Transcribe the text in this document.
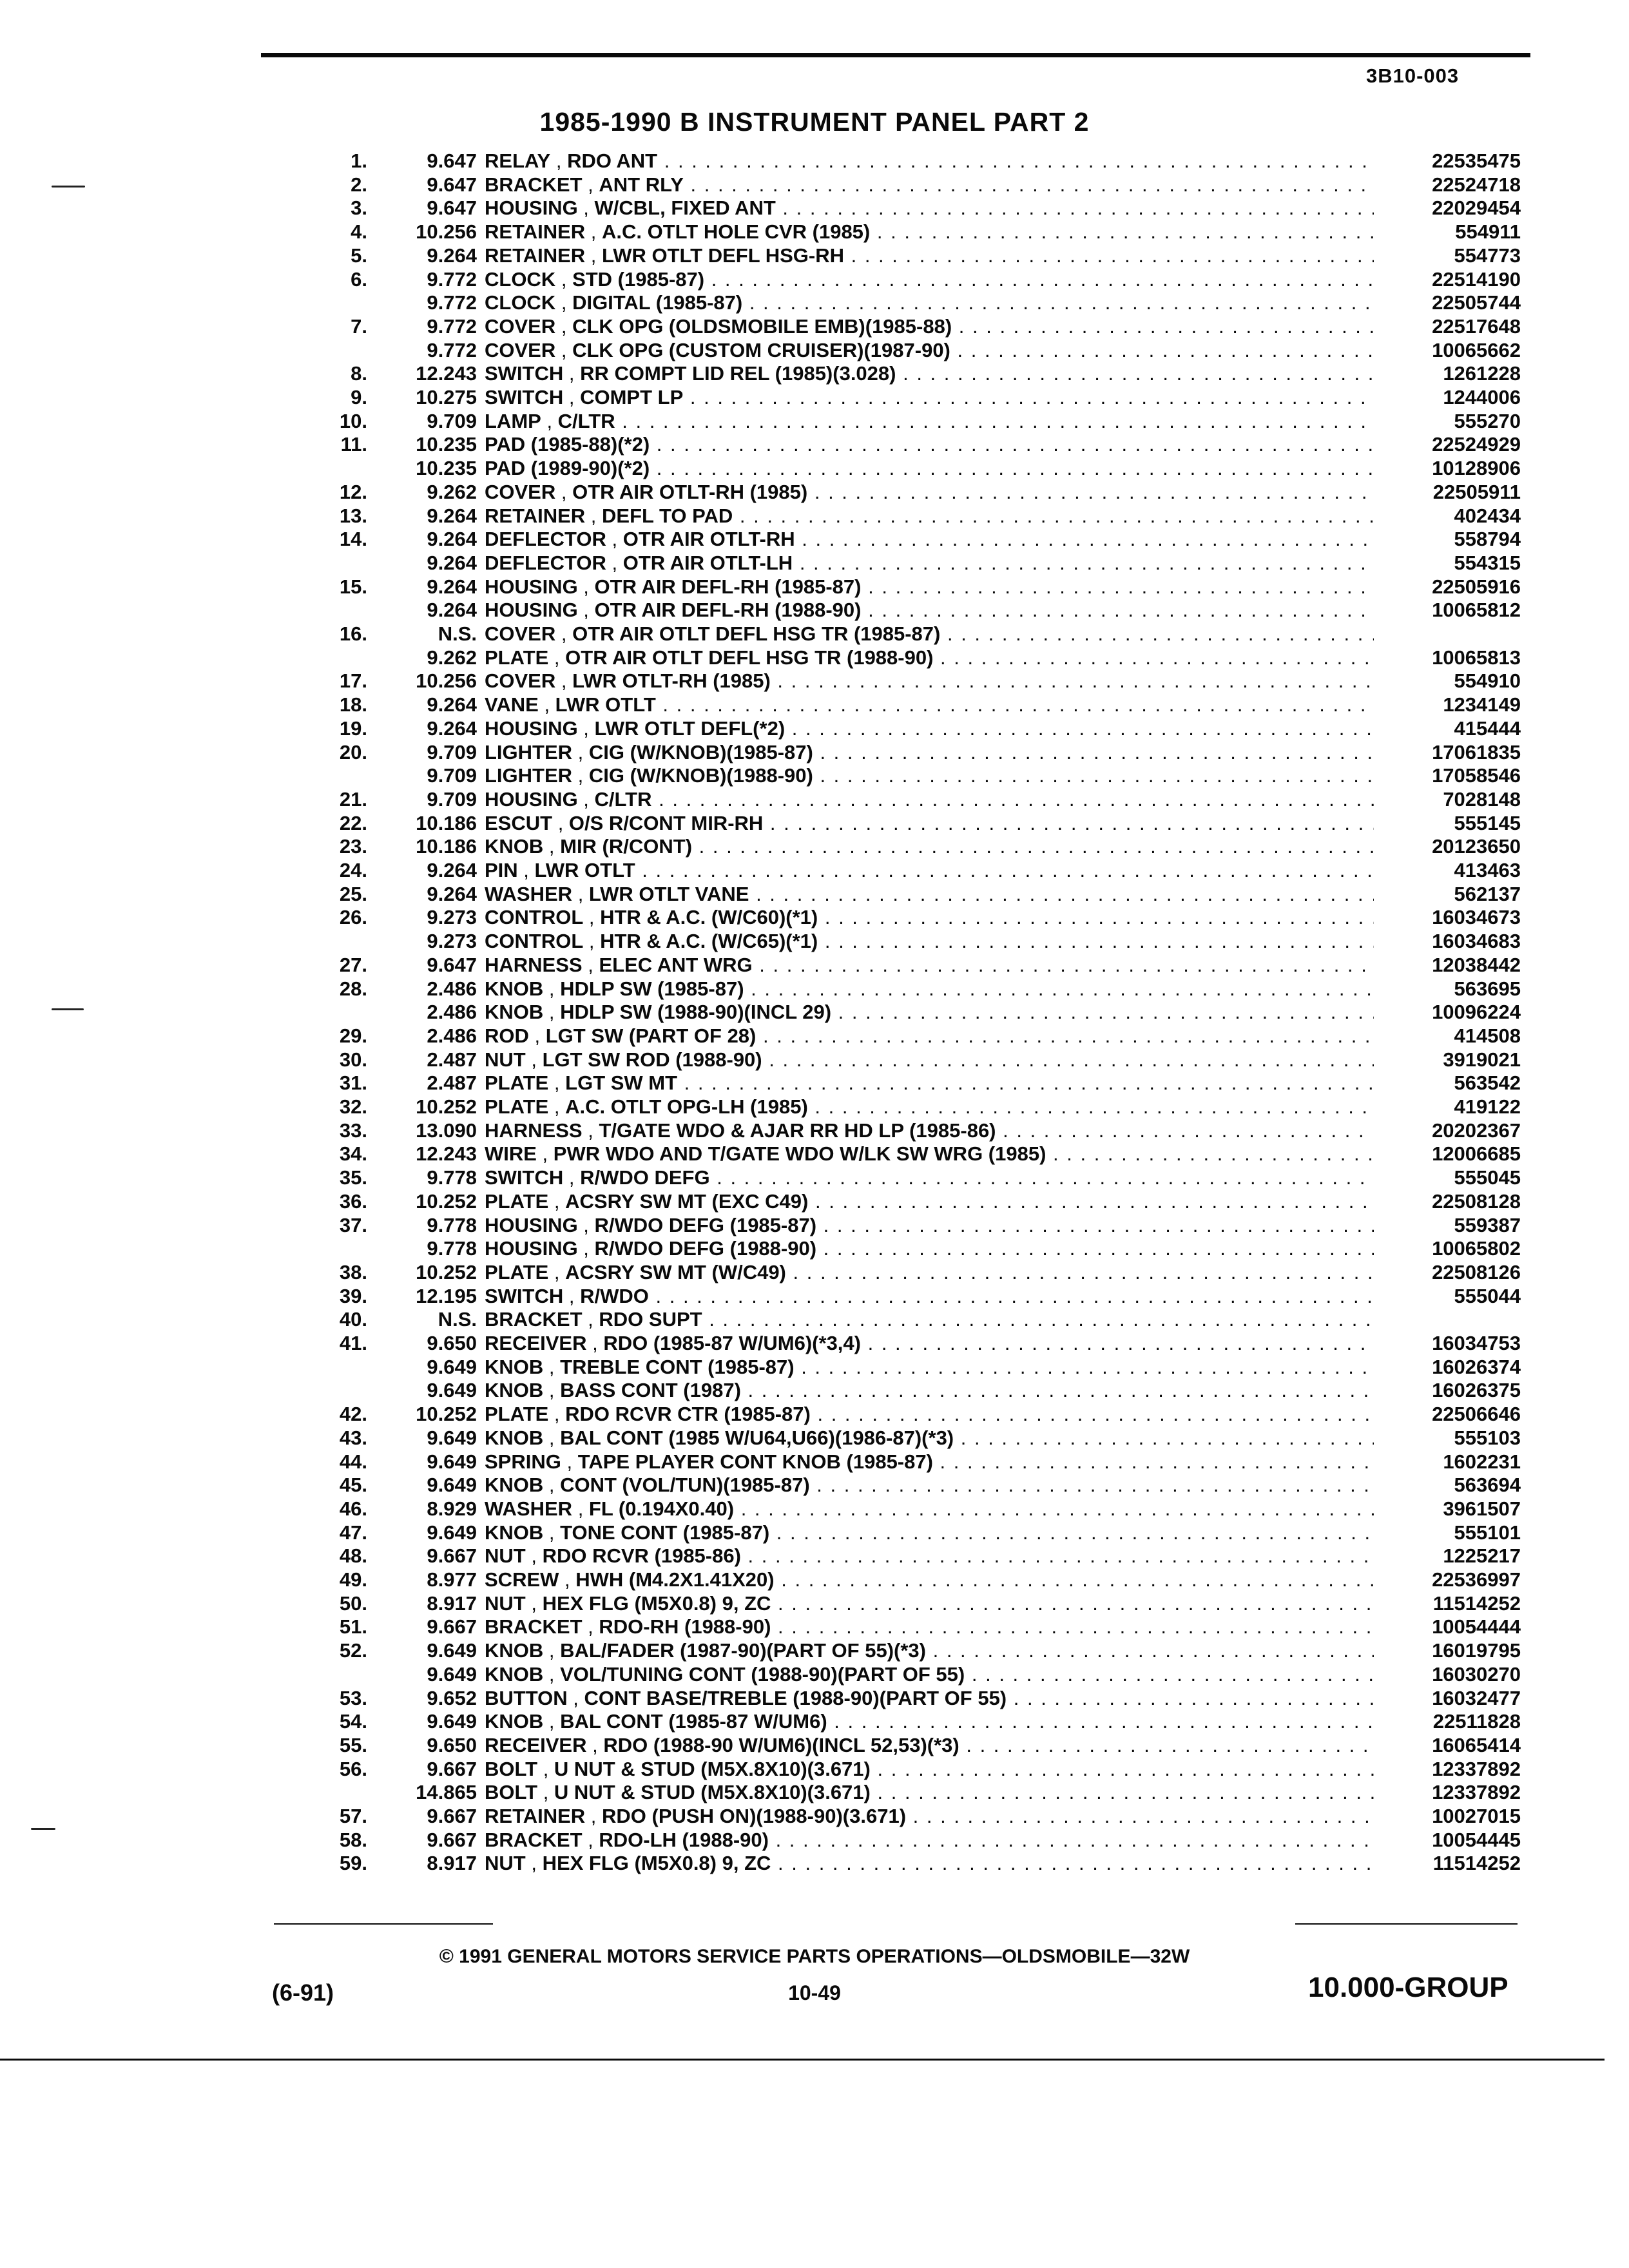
3B10-003
1985-1990 B INSTRUMENT PANEL PART 2
1.	9.647 RELAY , RDO ANT . . .	22535475
2.	9.647 BRACKET , ANT RLY . . .	22524718
3.	9.647 HOUSING , W/CBL, FIXED ANT . . .	22029454
4.	10.256 RETAINER , A.C. OTLT HOLE CVR (1985) . . .	554911
5.	9.264 RETAINER , LWR OTLT DEFL HSG-RH . . .	554773
6.	9.772 CLOCK , STD (1985-87) . . .	22514190
9.772 CLOCK , DIGITAL (1985-87) . . .	22505744
7.	9.772 COVER , CLK OPG (OLDSMOBILE EMB)(1985-88) . . .	22517648
9.772 COVER , CLK OPG (CUSTOM CRUISER)(1987-90) . . .	10065662
8.	12.243 SWITCH , RR COMPT LID REL (1985)(3.028) . . .	1261228
9.	10.275 SWITCH , COMPT LP . . .	1244006
10.	9.709 LAMP , C/LTR . . .	555270
11.	10.235 PAD (1985-88)(*2) . . .	22524929
10.235 PAD (1989-90)(*2) . . .	10128906
12.	9.262 COVER , OTR AIR OTLT-RH (1985) . . .	22505911
13.	9.264 RETAINER , DEFL TO PAD . . .	402434
14.	9.264 DEFLECTOR , OTR AIR OTLT-RH . . .	558794
9.264 DEFLECTOR , OTR AIR OTLT-LH . . .	554315
15.	9.264 HOUSING , OTR AIR DEFL-RH (1985-87) . . .	22505916
9.264 HOUSING , OTR AIR DEFL-RH (1988-90) . . .	10065812
16.	N.S. COVER , OTR AIR OTLT DEFL HSG TR (1985-87) . . .
9.262 PLATE , OTR AIR OTLT DEFL HSG TR (1988-90) . . .	10065813
17.	10.256 COVER , LWR OTLT-RH (1985) . . .	554910
18.	9.264 VANE , LWR OTLT . . .	1234149
19.	9.264 HOUSING , LWR OTLT DEFL(*2) . . .	415444
20.	9.709 LIGHTER , CIG (W/KNOB)(1985-87) . . .	17061835
9.709 LIGHTER , CIG (W/KNOB)(1988-90) . . .	17058546
21.	9.709 HOUSING , C/LTR . . .	7028148
22.	10.186 ESCUT , O/S R/CONT MIR-RH . . .	555145
23.	10.186 KNOB , MIR (R/CONT) . . .	20123650
24.	9.264 PIN , LWR OTLT . . .	413463
25.	9.264 WASHER , LWR OTLT VANE . . .	562137
26.	9.273 CONTROL , HTR & A.C. (W/C60)(*1) . . .	16034673
9.273 CONTROL , HTR & A.C. (W/C65)(*1) . . .	16034683
27.	9.647 HARNESS , ELEC ANT WRG . . .	12038442
28.	2.486 KNOB , HDLP SW (1985-87) . . .	563695
2.486 KNOB , HDLP SW (1988-90)(INCL 29) . . .	10096224
29.	2.486 ROD , LGT SW (PART OF 28) . . .	414508
30.	2.487 NUT , LGT SW ROD (1988-90) . . .	3919021
31.	2.487 PLATE , LGT SW MT . . .	563542
32.	10.252 PLATE , A.C. OTLT OPG-LH (1985) . . .	419122
33.	13.090 HARNESS , T/GATE WDO & AJAR RR HD LP (1985-86) . . .	20202367
34.	12.243 WIRE , PWR WDO AND T/GATE WDO W/LK SW WRG (1985) . . .	12006685
35.	9.778 SWITCH , R/WDO DEFG . . .	555045
36.	10.252 PLATE , ACSRY SW MT (EXC C49) . . .	22508128
37.	9.778 HOUSING , R/WDO DEFG (1985-87) . . .	559387
9.778 HOUSING , R/WDO DEFG (1988-90) . . .	10065802
38.	10.252 PLATE , ACSRY SW MT (W/C49) . . .	22508126
39.	12.195 SWITCH , R/WDO . . .	555044
40.	N.S. BRACKET , RDO SUPT . . .
41.	9.650 RECEIVER , RDO (1985-87 W/UM6)(*3,4) . . .	16034753
9.649 KNOB , TREBLE CONT (1985-87) . . .	16026374
9.649 KNOB , BASS CONT (1987) . . .	16026375
42.	10.252 PLATE , RDO RCVR CTR (1985-87) . . .	22506646
43.	9.649 KNOB , BAL CONT (1985 W/U64,U66)(1986-87)(*3) . . .	555103
44.	9.649 SPRING , TAPE PLAYER CONT KNOB (1985-87) . . .	1602231
45.	9.649 KNOB , CONT (VOL/TUN)(1985-87) . . .	563694
46.	8.929 WASHER , FL (0.194X0.40) . . .	3961507
47.	9.649 KNOB , TONE CONT (1985-87) . . .	555101
48.	9.667 NUT , RDO RCVR (1985-86) . . .	1225217
49.	8.977 SCREW , HWH (M4.2X1.41X20) . . .	22536997
50.	8.917 NUT , HEX FLG (M5X0.8) 9, ZC . . .	11514252
51.	9.667 BRACKET , RDO-RH (1988-90) . . .	10054444
52.	9.649 KNOB , BAL/FADER (1987-90)(PART OF 55)(*3) . . .	16019795
9.649 KNOB , VOL/TUNING CONT (1988-90)(PART OF 55) . . .	16030270
53.	9.652 BUTTON , CONT BASE/TREBLE (1988-90)(PART OF 55) . . .	16032477
54.	9.649 KNOB , BAL CONT (1985-87 W/UM6) . . .	22511828
55.	9.650 RECEIVER , RDO (1988-90 W/UM6)(INCL 52,53)(*3) . . .	16065414
56.	9.667 BOLT , U NUT & STUD (M5X.8X10)(3.671) . . .	12337892
14.865 BOLT , U NUT & STUD (M5X.8X10)(3.671) . . .	12337892
57.	9.667 RETAINER , RDO (PUSH ON)(1988-90)(3.671) . . .	10027015
58.	9.667 BRACKET , RDO-LH (1988-90) . . .	10054445
59.	8.917 NUT , HEX FLG (M5X0.8) 9, ZC . . .	11514252
© 1991 GENERAL MOTORS SERVICE PARTS OPERATIONS—OLDSMOBILE—32W
(6-91)	10-49	10.000-GROUP
